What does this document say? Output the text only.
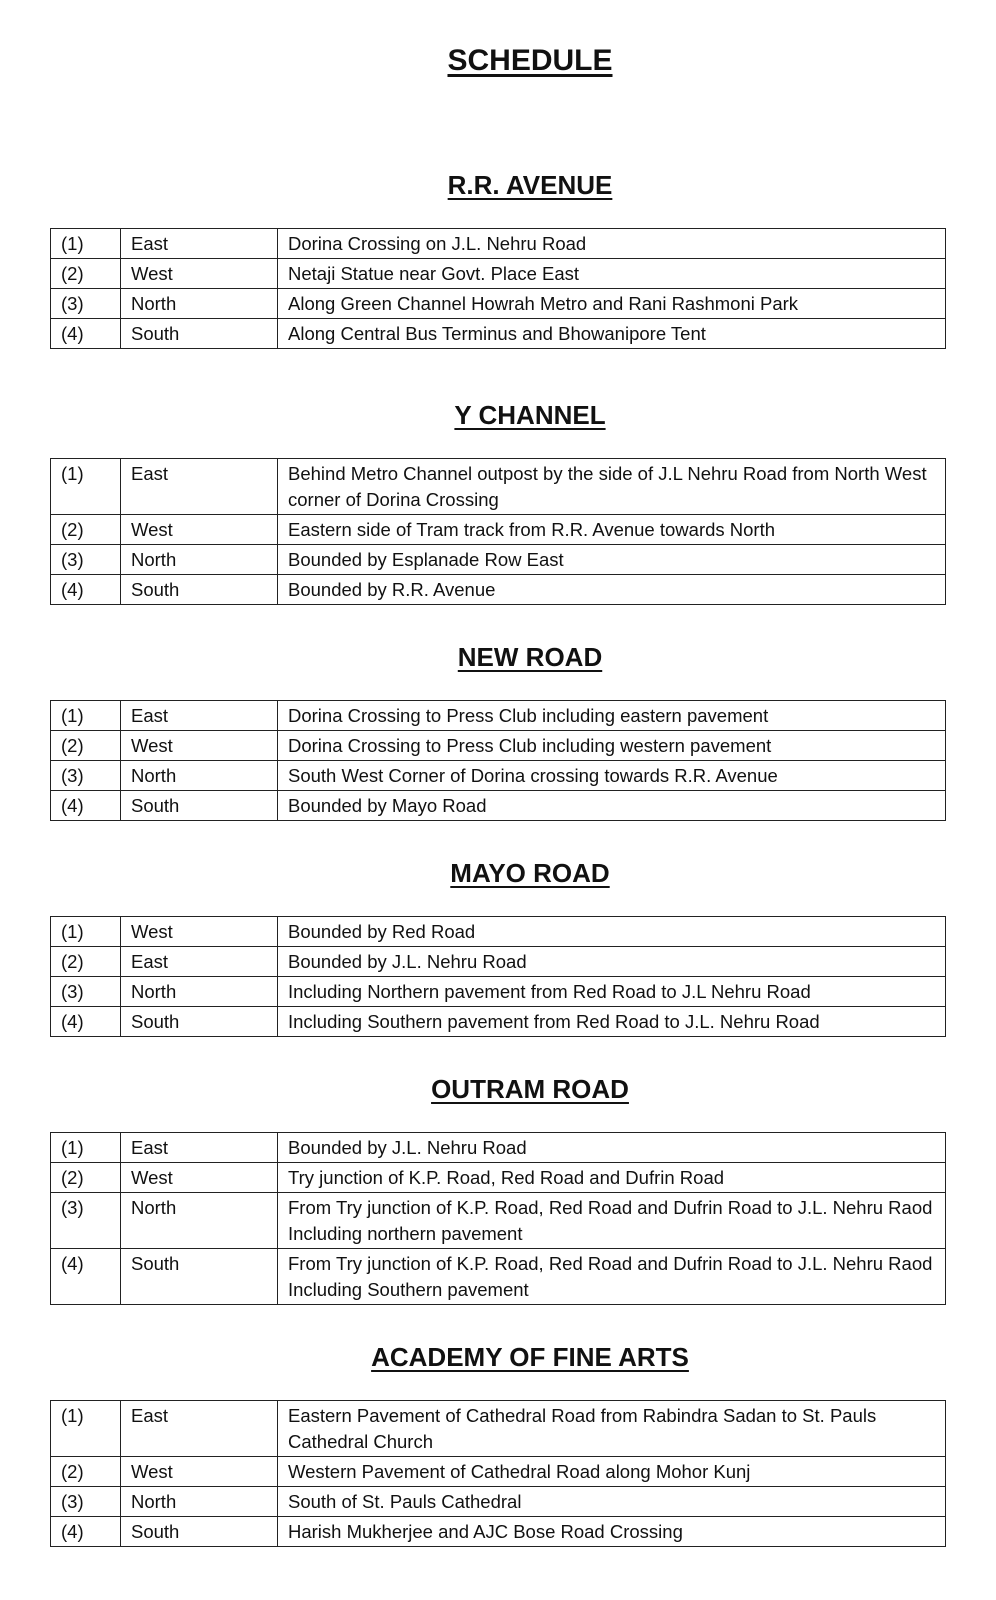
SCHEDULE
R.R. AVENUE
(1)	East	Dorina Crossing on J.L. Nehru Road
(2)	West	Netaji Statue near Govt. Place East
(3)	North	Along Green Channel Howrah Metro and Rani Rashmoni Park
(4)	South	Along Central Bus Terminus and Bhowanipore Tent
Y CHANNEL
(1)	East	Behind Metro Channel outpost by the side of J.L Nehru Road from North West corner of Dorina Crossing
(2)	West	Eastern side of Tram track from R.R. Avenue towards North
(3)	North	Bounded by Esplanade Row East
(4)	South	Bounded by R.R. Avenue
NEW ROAD
(1)	East	Dorina Crossing to Press Club including eastern pavement
(2)	West	Dorina Crossing to Press Club including western pavement
(3)	North	South West Corner of Dorina crossing towards R.R. Avenue
(4)	South	Bounded by Mayo Road
MAYO ROAD
(1)	West	Bounded by Red Road
(2)	East	Bounded by J.L. Nehru Road
(3)	North	Including Northern pavement from Red Road to J.L Nehru Road
(4)	South	Including Southern pavement from Red Road to J.L. Nehru Road
OUTRAM ROAD
(1)	East	Bounded by J.L. Nehru Road
(2)	West	Try junction of K.P. Road, Red Road and Dufrin Road
(3)	North	From Try junction of K.P. Road, Red Road and Dufrin Road to J.L. Nehru Raod Including northern pavement
(4)	South	From Try junction of K.P. Road, Red Road and Dufrin Road to J.L. Nehru Raod Including Southern pavement
ACADEMY OF FINE ARTS
(1)	East	Eastern Pavement of Cathedral Road from Rabindra Sadan to St. Pauls Cathedral Church
(2)	West	Western Pavement of Cathedral Road along Mohor Kunj
(3)	North	South of St. Pauls Cathedral
(4)	South	Harish Mukherjee and AJC Bose Road Crossing
